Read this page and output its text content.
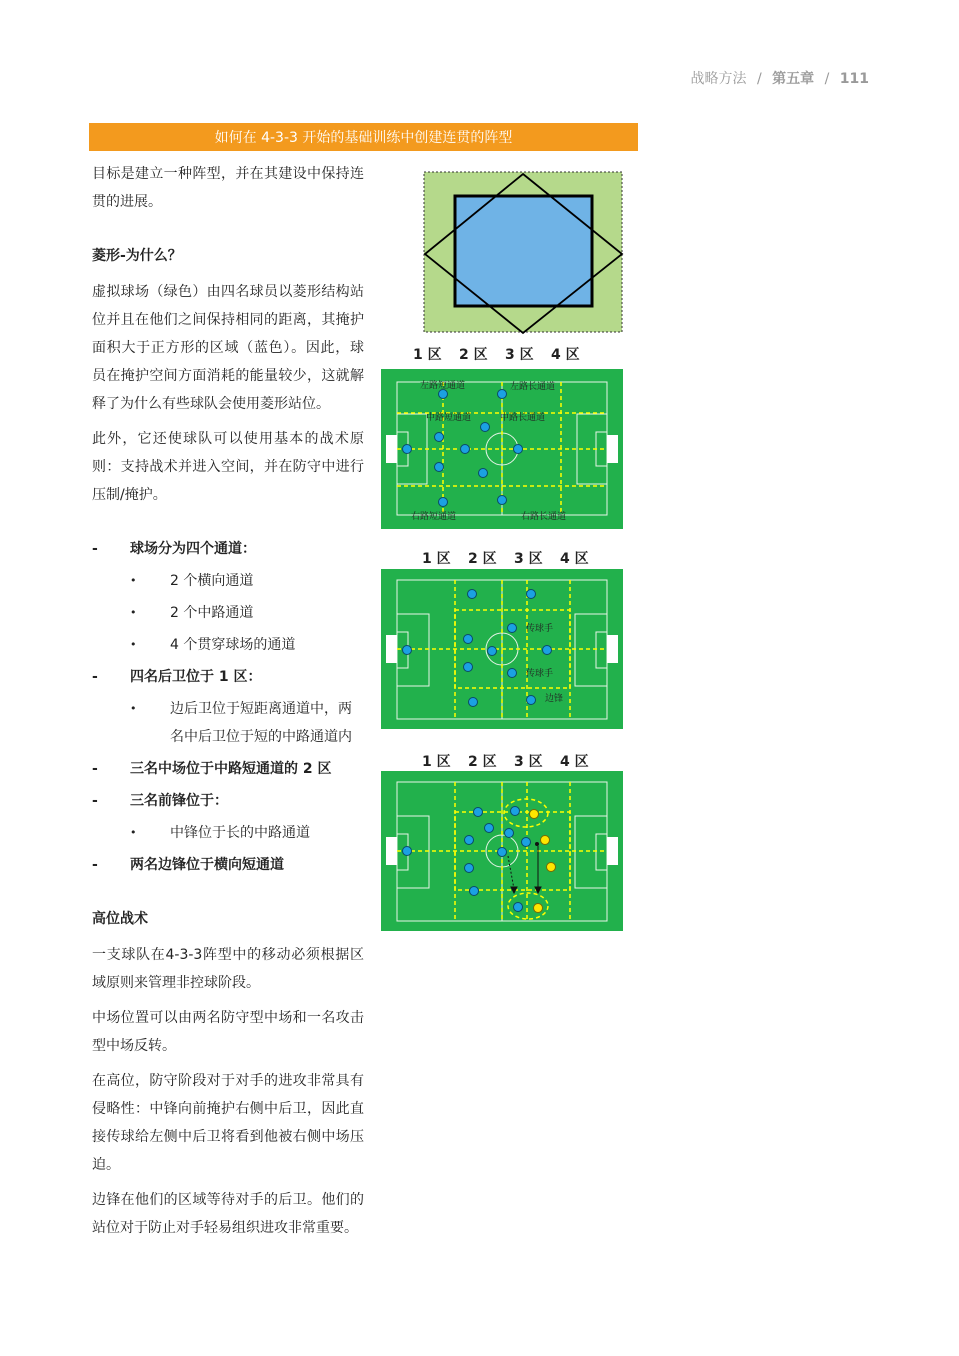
战略方法 / 第五章 / 111
如何在 4-3-3 开始的基础训练中创建连贯的阵型

目标是建立一种阵型，并在其建设中保持连贯的进展。

菱形-为什么？

虚拟球场（绿色）由四名球员以菱形结构站位并且在他们之间保持相同的距离，其掩护面积大于正方形的区域（蓝色）。因此，球员在掩护空间方面消耗的能量较少，这就解释了为什么有些球队会使用菱形站位。

此外，它还使球队可以使用基本的战术原则：支持战术并进入空间，并在防守中进行压制/掩护。

- 球场分为四个通道：
• 2 个横向通道
• 2 个中路通道
• 4 个贯穿球场的通道
- 四名后卫位于 1 区：
• 边后卫位于短距离通道中，两名中后卫位于短的中路通道内
- 三名中场位于中路短通道的 2 区
- 三名前锋位于：
• 中锋位于长的中路通道
- 两名边锋位于横向短通道
高位战术

一支球队在4-3-3阵型中的移动必须根据区域原则来管理非控球阶段。

中场位置可以由两名防守型中场和一名攻击型中场反转。

在高位，防守阶段对于对手的进攻非常具有侵略性：中锋向前掩护右侧中后卫，因此直接传球给左侧中后卫将看到他被右侧中场压迫。

边锋在他们的区域等待对手的后卫。他们的站位对于防止对手轻易组织进攻非常重要。

1 区 2 区 3 区 4 区
左路短通道	左路长通道
中路短通道	中路长通道
右路短通道	右路长通道
1 区 2 区 3 区 4 区
传球手
传球手
边锋
1 区 2 区 3 区 4 区
